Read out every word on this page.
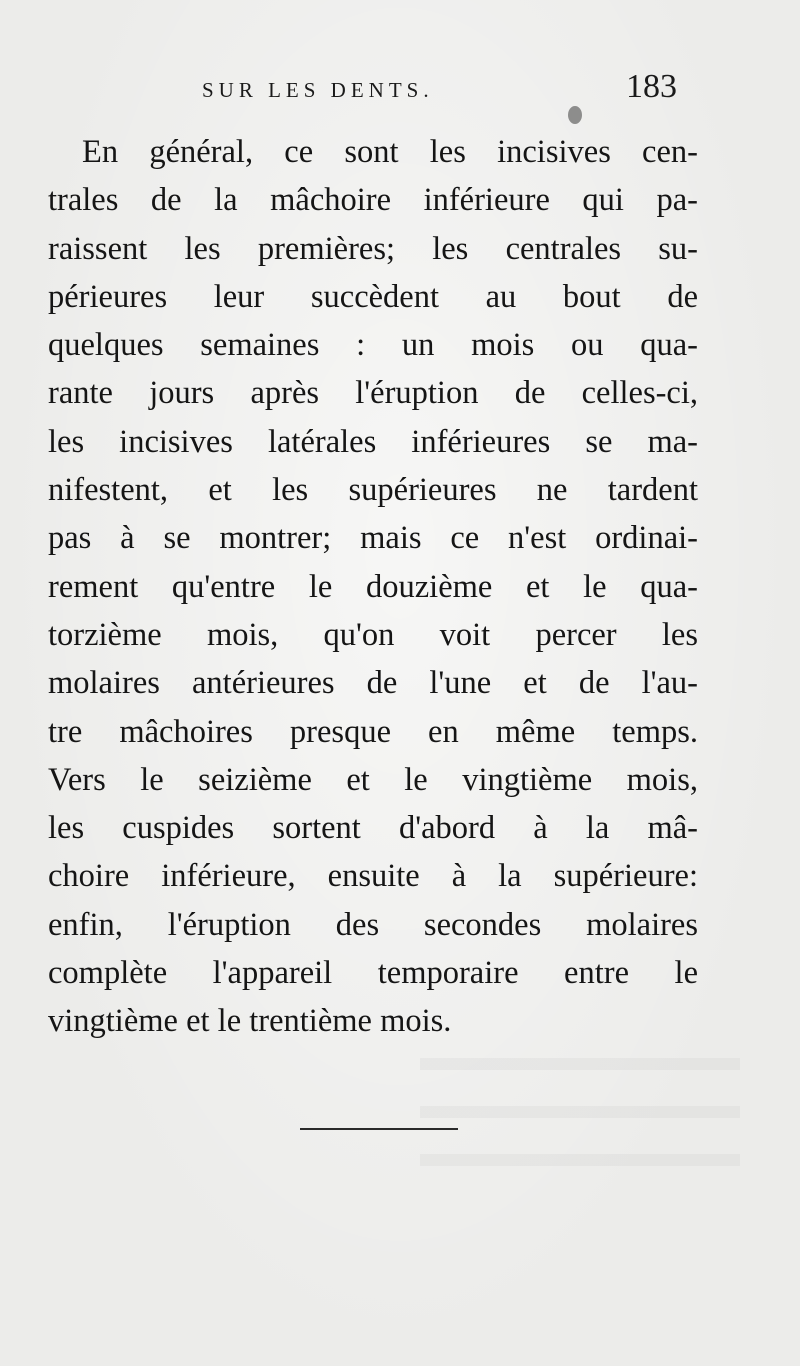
SUR LES DENTS.	183
En général, ce sont les incisives cen-
trales de la mâchoire inférieure qui pa-
raissent les premières; les centrales su-
périeures leur succèdent au bout de
quelques semaines : un mois ou qua-
rante jours après l'éruption de celles-ci,
les incisives latérales inférieures se ma-
nifestent, et les supérieures ne tardent
pas à se montrer; mais ce n'est ordinai-
rement qu'entre le douzième et le qua-
torzième mois, qu'on voit percer les
molaires antérieures de l'une et de l'au-
tre mâchoires presque en même temps.
Vers le seizième et le vingtième mois,
les cuspides sortent d'abord à la mâ-
choire inférieure, ensuite à la supérieure:
enfin, l'éruption des secondes molaires
complète l'appareil temporaire entre le
vingtième et le trentième mois.
